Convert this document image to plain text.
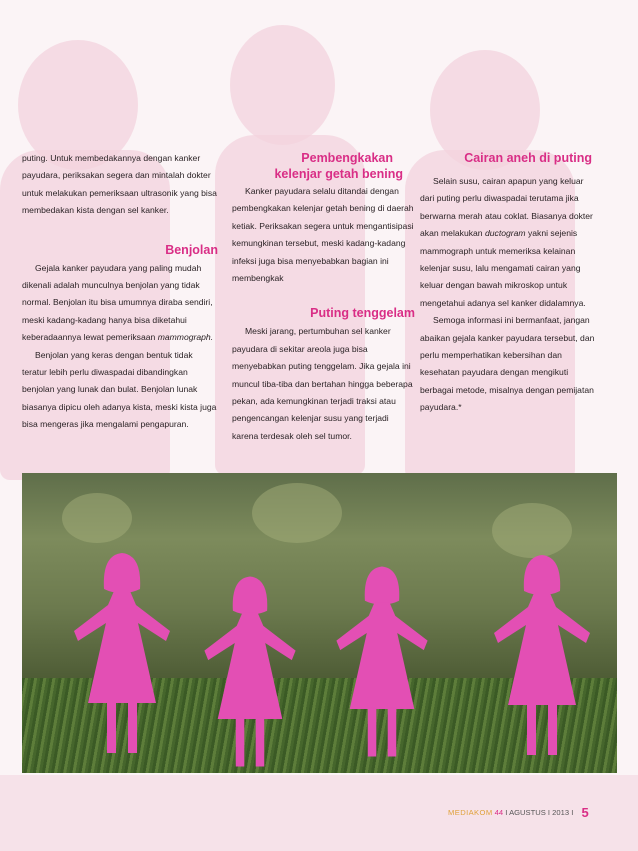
puting. Untuk membedakannya dengan kanker payudara, periksakan segera dan mintalah dokter untuk melakukan pemeriksaan ultrasonik yang bisa membedakan kista dengan sel kanker.

Benjolan

Gejala kanker payudara yang paling mudah dikenali adalah munculnya benjolan yang tidak normal. Benjolan itu bisa umumnya diraba sendiri, meski kadang-kadang hanya bisa diketahui keberadaannya lewat pemeriksaan mammograph.

Benjolan yang keras dengan bentuk tidak teratur lebih perlu diwaspadai dibandingkan benjolan yang lunak dan bulat. Benjolan lunak biasanya dipicu oleh adanya kista, meski kista juga bisa mengeras jika mengalami pengapuran.

Pembengkakan

kelenjar getah bening

Kanker payudara selalu ditandai dengan pembengkakan kelenjar getah bening di daerah ketiak. Periksakan segera untuk mengantisipasi kemungkinan tersebut, meski kadang-kadang infeksi juga bisa menyebabkan bagian ini membengkak

Puting tenggelam

Meski jarang, pertumbuhan sel kanker payudara di sekitar areola juga bisa menyebabkan puting tenggelam. Jika gejala ini muncul tiba-tiba dan bertahan hingga beberapa pekan, ada kemungkinan terjadi traksi atau pengencangan kelenjar susu yang terjadi karena terdesak oleh sel tumor.

Cairan aneh di puting

Selain susu, cairan apapun yang keluar dari puting perlu diwaspadai terutama jika berwarna merah atau coklat. Biasanya dokter akan melakukan ductogram yakni sejenis mammograph untuk memeriksa kelainan kelenjar susu, lalu mengamati cairan yang keluar dengan bawah mikroskop untuk mengetahui adanya sel kanker didalamnya.

Semoga informasi ini bermanfaat, jangan abaikan gejala kanker payudara tersebut, dan perlu memperhatikan kebersihan dan kesehatan payudara dengan mengikuti berbagai metode, misalnya dengan pemijatan payudara.*

MEDIAKOM 44 I AGUSTUS I 2013 I 5
